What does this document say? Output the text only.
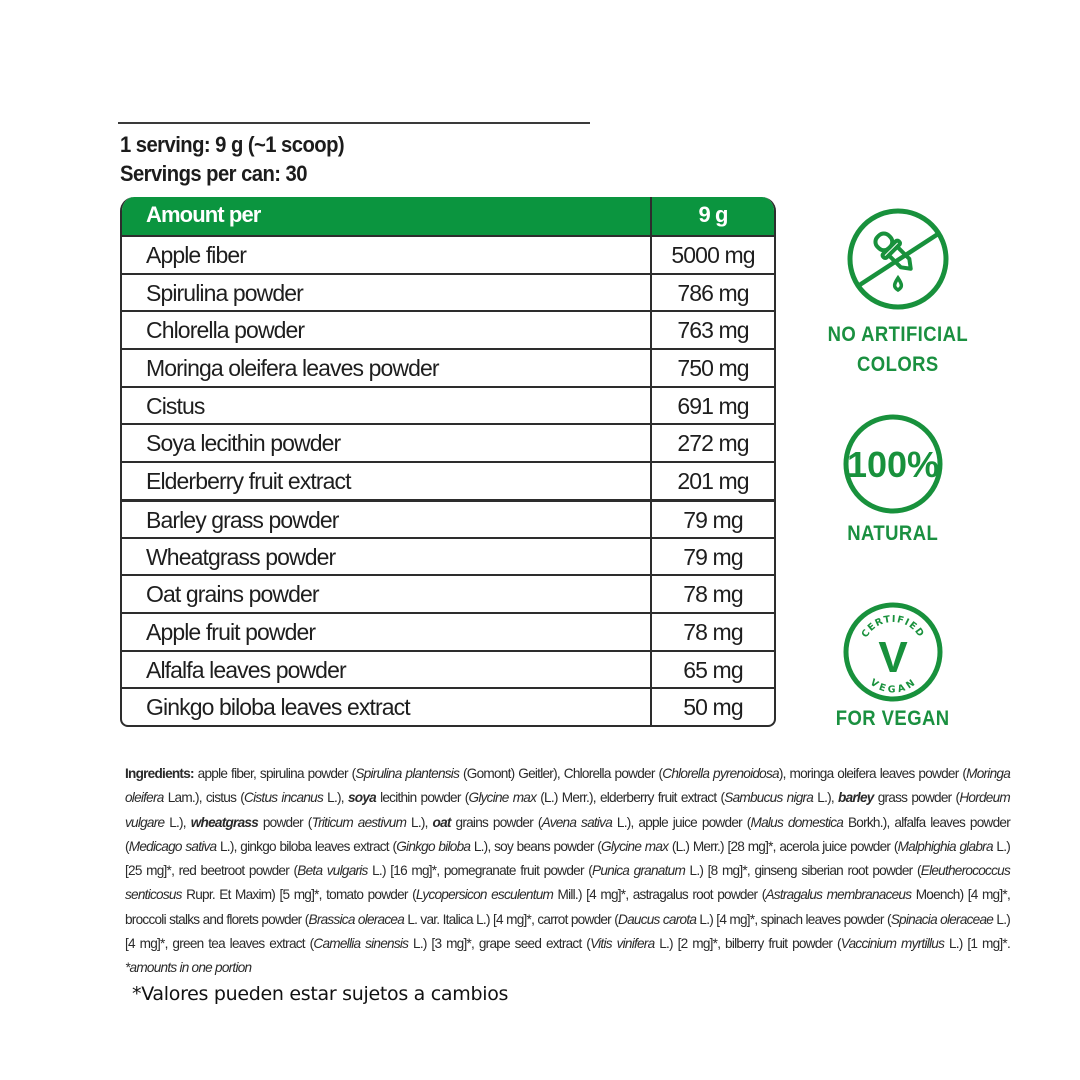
1 serving: 9 g (~1 scoop)
Servings per can: 30
Amount per	9 g
Apple fiber	5000 mg
Spirulina powder	786 mg
Chlorella powder	763 mg
Moringa oleifera leaves powder	750 mg
Cistus	691 mg
Soya lecithin powder	272 mg
Elderberry fruit extract	201 mg
Barley grass powder	79 mg
Wheatgrass powder	79 mg
Oat grains powder	78 mg
Apple fruit powder	78 mg
Alfalfa leaves powder	65 mg
Ginkgo biloba leaves extract	50 mg
NO ARTIFICIAL
COLORS
100%
NATURAL
CERTIFIED
V
VEGAN
FOR VEGAN
Ingredients: apple fiber, spirulina powder (Spirulina plantensis (Gomont) Geitler), Chlorella powder (Chlorella pyrenoidosa), moringa oleifera leaves powder (Moringa oleifera Lam.), cistus (Cistus incanus L.), soya lecithin powder (Glycine max (L.) Merr.), elderberry fruit extract (Sambucus nigra L.), barley grass powder (Hordeum vulgare L.), wheatgrass powder (Triticum aestivum L.), oat grains powder (Avena sativa L.), apple juice powder (Malus domestica Borkh.), alfalfa leaves powder (Medicago sativa L.), ginkgo biloba leaves extract (Ginkgo biloba L.), soy beans powder (Glycine max (L.) Merr.) [28 mg]*, acerola juice powder (Malphighia glabra L.) [25 mg]*, red beetroot powder (Beta vulgaris L.) [16 mg]*, pomegranate fruit powder (Punica granatum L.) [8 mg]*, ginseng siberian root powder (Eleutherococcus senticosus Rupr. Et Maxim) [5 mg]*, tomato powder (Lycopersicon esculentum Mill.) [4 mg]*, astragalus root powder (Astragalus membranaceus Moench) [4 mg]*, broccoli stalks and florets powder (Brassica oleracea L. var. Italica L.) [4 mg]*, carrot powder (Daucus carota L.) [4 mg]*, spinach leaves powder (Spinacia oleraceae L.) [4 mg]*, green tea leaves extract (Camellia sinensis L.) [3 mg]*, grape seed extract (Vitis vinifera L.) [2 mg]*, bilberry fruit powder (Vaccinium myrtillus L.) [1 mg]*. *amounts in one portion
*Valores pueden estar sujetos a cambios
